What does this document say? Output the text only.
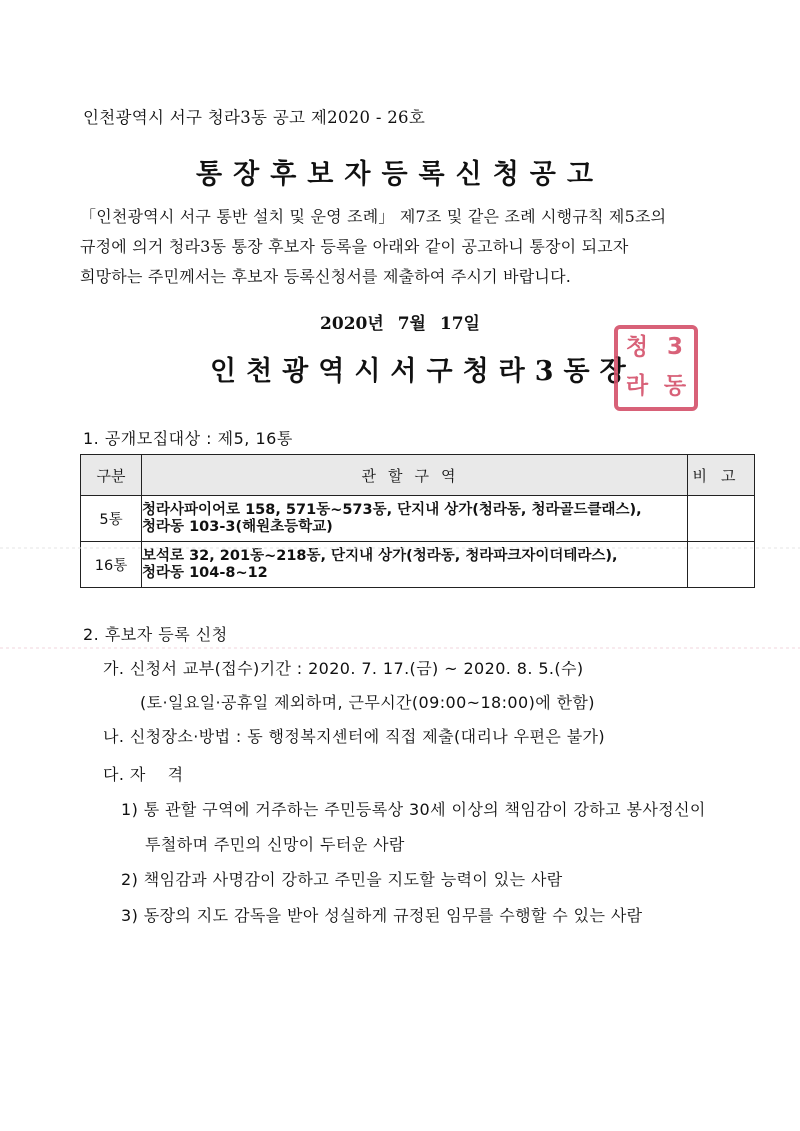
인천광역시 서구 청라3동 공고 제2020 - 26호
통장후보자등록신청공고

「인천광역시 서구 통반 설치 및 운영 조례」 제7조 및 같은 조례 시행규칙 제5조의

규정에 의거 청라3동 통장 후보자 등록을 아래와 같이 공고하니 통장이 되고자

희망하는 주민께서는 후보자 등록신청서를 제출하여 주시기 바랍니다.

2020년 7월 17일
인천광역시서구청라3동장
청 3
라 동
1. 공개모집대상 : 제5, 16통
구분	관할구역	비고
5통	청라사파이어로 158, 571동~573동, 단지내 상가(청라동, 청라골드클래스),
청라동 103-3(해원초등학교)	

16통	보석로 32, 201동~218동, 단지내 상가(청라동, 청라파크자이더테라스),
청라동 104-8~12	

2. 후보자 등록 신청
가. 신청서 교부(접수)기간 : 2020. 7. 17.(금) ~ 2020. 8. 5.(수)
(토·일요일·공휴일 제외하며, 근무시간(09:00~18:00)에 한함)
나. 신청장소·방법 : 동 행정복지센터에 직접 제출(대리나 우편은 불가)
다. 자    격
1) 통 관할 구역에 거주하는 주민등록상 30세 이상의 책임감이 강하고 봉사정신이
투철하며 주민의 신망이 두터운 사람
2) 책임감과 사명감이 강하고 주민을 지도할 능력이 있는 사람
3) 동장의 지도 감독을 받아 성실하게 규정된 임무를 수행할 수 있는 사람
